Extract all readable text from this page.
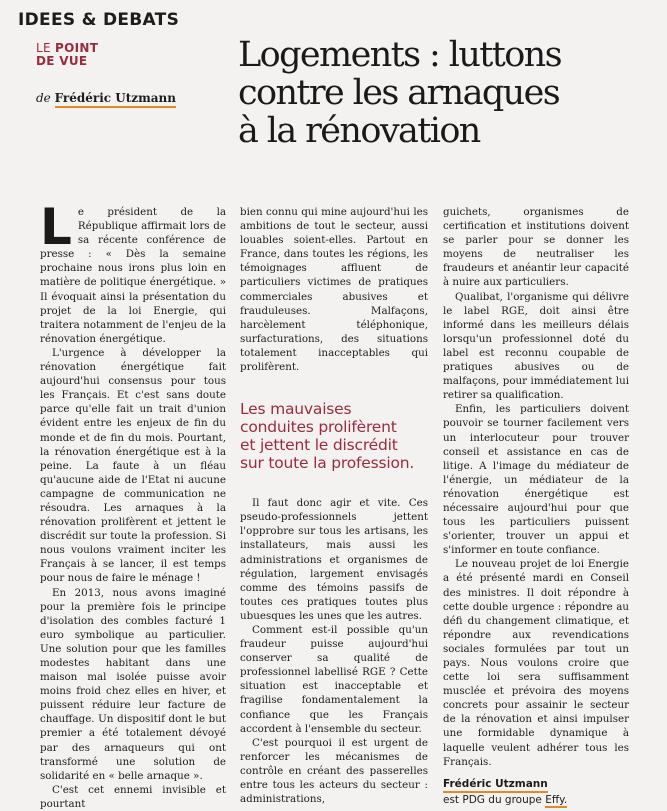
IDEES & DEBATS
LE POINT
DE VUE
de Frédéric Utzmann
Logements : luttons
contre les arnaques
à la rénovation

Le président de la République affirmait lors de sa récente conférence de presse : « Dès la semaine prochaine nous irons plus loin en matière de politique énergétique. » Il évoquait ainsi la présentation du projet de la loi Energie, qui traitera notamment de l'enjeu de la rénovation énergétique.

L'urgence à développer la rénovation énergétique fait aujourd'hui consensus pour tous les Français. Et c'est sans doute parce qu'elle fait un trait d'union évident entre les enjeux de fin du monde et de fin du mois. Pourtant, la rénovation énergétique est à la peine. La faute à un fléau qu'aucune aide de l'Etat ni aucune campagne de communication ne résoudra. Les arnaques à la rénovation prolifèrent et jettent le discrédit sur toute la profession. Si nous voulons vraiment inciter les Français à se lancer, il est temps pour nous de faire le ménage !

En 2013, nous avons imaginé pour la première fois le principe d'isolation des combles facturé 1 euro symbolique au particulier. Une solution pour que les familles modestes habitant dans une maison mal isolée puisse avoir moins froid chez elles en hiver, et puissent réduire leur facture de chauffage. Un dispositif dont le but premier a été totalement dévoyé par des arnaqueurs qui ont transformé une solution de solidarité en « belle arnaque ».

C'est cet ennemi invisible et pourtant

bien connu qui mine aujourd'hui les ambitions de tout le secteur, aussi louables soient-elles. Partout en France, dans toutes les régions, les témoignages affluent de particuliers victimes de pratiques commerciales abusives et frauduleuses. Malfaçons, harcèlement téléphonique, surfacturations, des situations totalement inacceptables qui prolifèrent.

Les mauvaises
conduites prolifèrent
et jettent le discrédit
sur toute la profession.

Il faut donc agir et vite. Ces pseudo-professionnels jettent l'opprobre sur tous les artisans, les installateurs, mais aussi les administrations et organismes de régulation, largement envisagés comme des témoins passifs de toutes ces pratiques toutes plus ubuesques les unes que les autres.

Comment est-il possible qu'un fraudeur puisse aujourd'hui conserver sa qualité de professionnel labellisé RGE ? Cette situation est inacceptable et fragilise fondamentalement la confiance que les Français accordent à l'ensemble du secteur.

C'est pourquoi il est urgent de renforcer les mécanismes de contrôle en créant des passerelles entre tous les acteurs du secteur : administrations,

guichets, organismes de certification et institutions doivent se parler pour se donner les moyens de neutraliser les fraudeurs et anéantir leur capacité à nuire aux particuliers.

Qualibat, l'organisme qui délivre le label RGE, doit ainsi être informé dans les meilleurs délais lorsqu'un professionnel doté du label est reconnu coupable de pratiques abusives ou de malfaçons, pour immédiatement lui retirer sa qualification.

Enfin, les particuliers doivent pouvoir se tourner facilement vers un interlocuteur pour trouver conseil et assistance en cas de litige. A l'image du médiateur de l'énergie, un médiateur de la rénovation énergétique est nécessaire aujourd'hui pour que tous les particuliers puissent s'orienter, trouver un appui et s'informer en toute confiance.

Le nouveau projet de loi Energie a été présenté mardi en Conseil des ministres. Il doit répondre à cette double urgence : répondre au défi du changement climatique, et répondre aux revendications sociales formulées par tout un pays. Nous voulons croire que cette loi sera suffisamment musclée et prévoira des moyens concrets pour assainir le secteur de la rénovation et ainsi impulser une formidable dynamique à laquelle veulent adhérer tous les Français.

Frédéric Utzmann
est PDG du groupe Effy.
